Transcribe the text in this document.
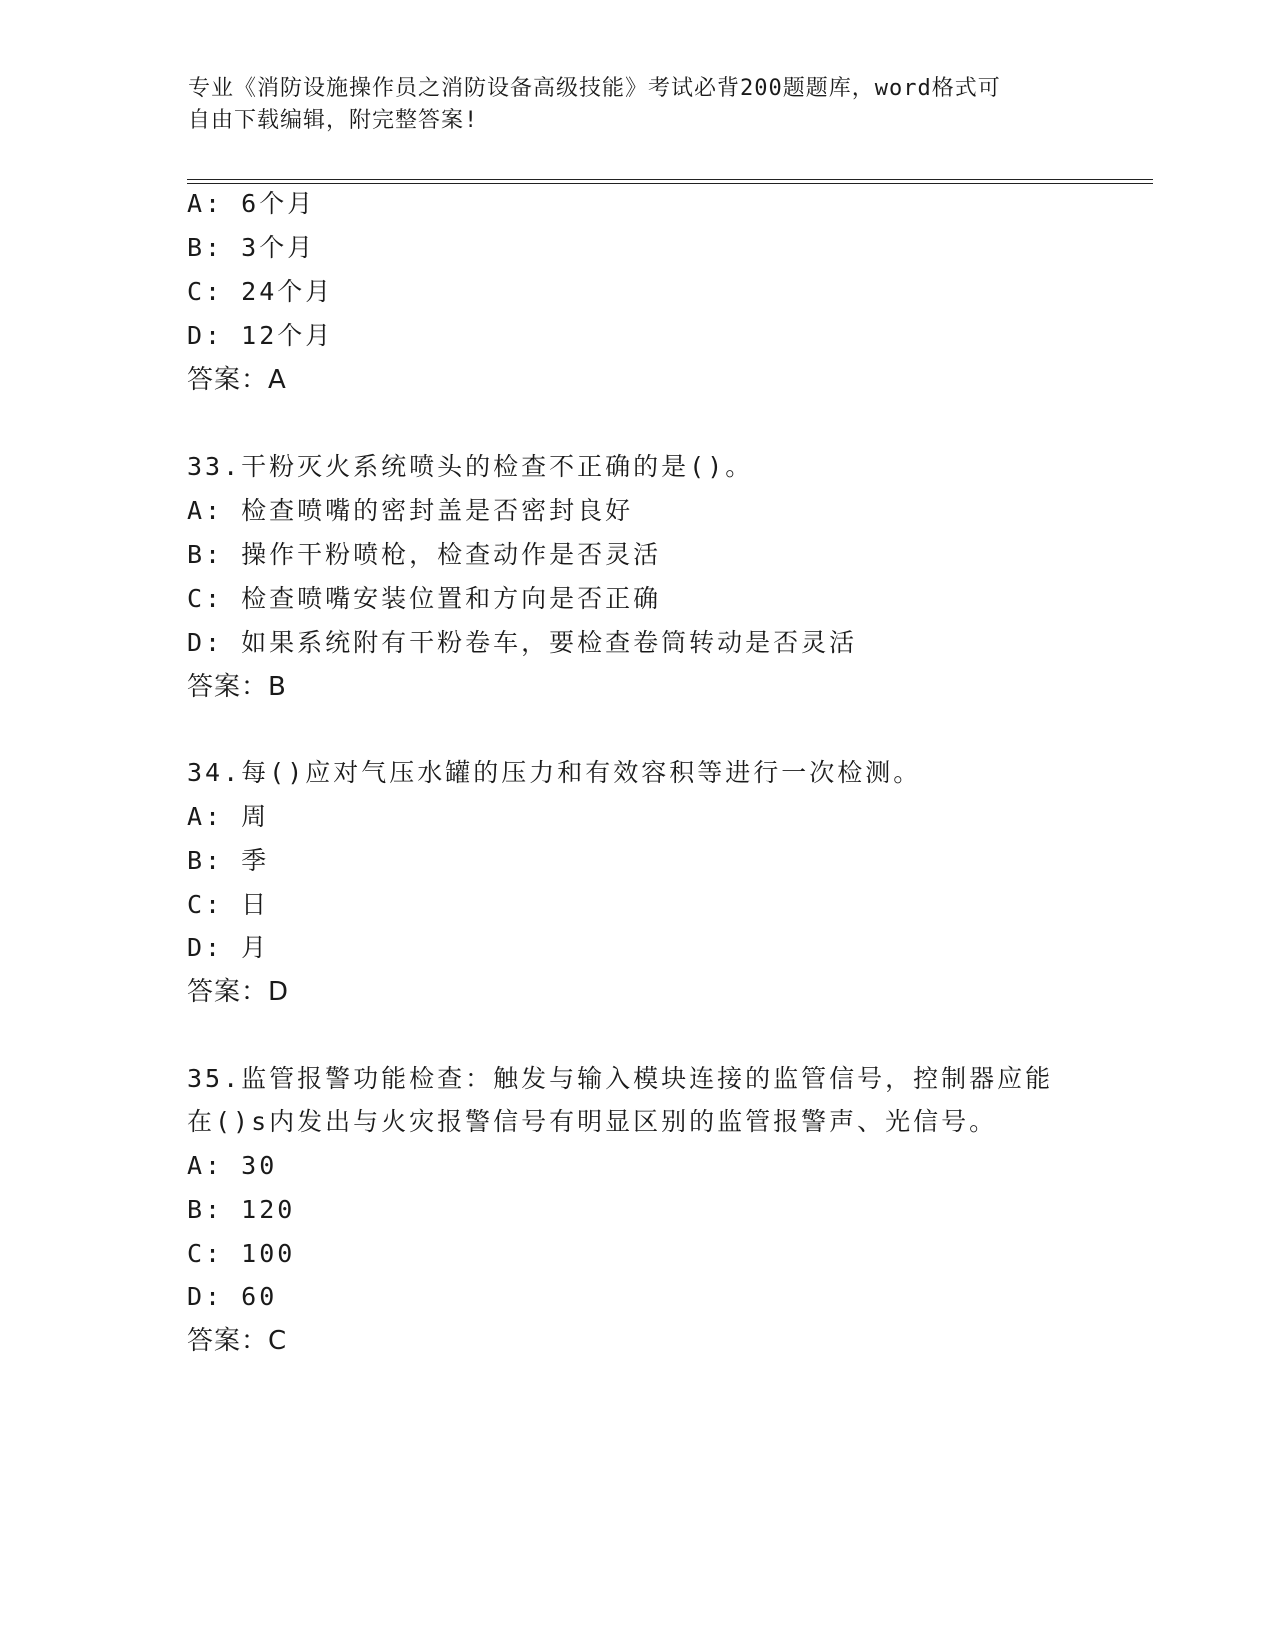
专业《消防设施操作员之消防设备高级技能》考试必背200题题库，word格式可
自由下载编辑，附完整答案!
A: 6个月
B: 3个月
C: 24个月
D: 12个月
答案：A
33.干粉灭火系统喷头的检查不正确的是()。
A: 检查喷嘴的密封盖是否密封良好
B: 操作干粉喷枪，检查动作是否灵活
C: 检查喷嘴安装位置和方向是否正确
D: 如果系统附有干粉卷车，要检查卷筒转动是否灵活
答案：B
34.每()应对气压水罐的压力和有效容积等进行一次检测。
A: 周
B: 季
C: 日
D: 月
答案：D
35.监管报警功能检查：触发与输入模块连接的监管信号，控制器应能
在()s内发出与火灾报警信号有明显区别的监管报警声、光信号。
A: 30
B: 120
C: 100
D: 60
答案：C
